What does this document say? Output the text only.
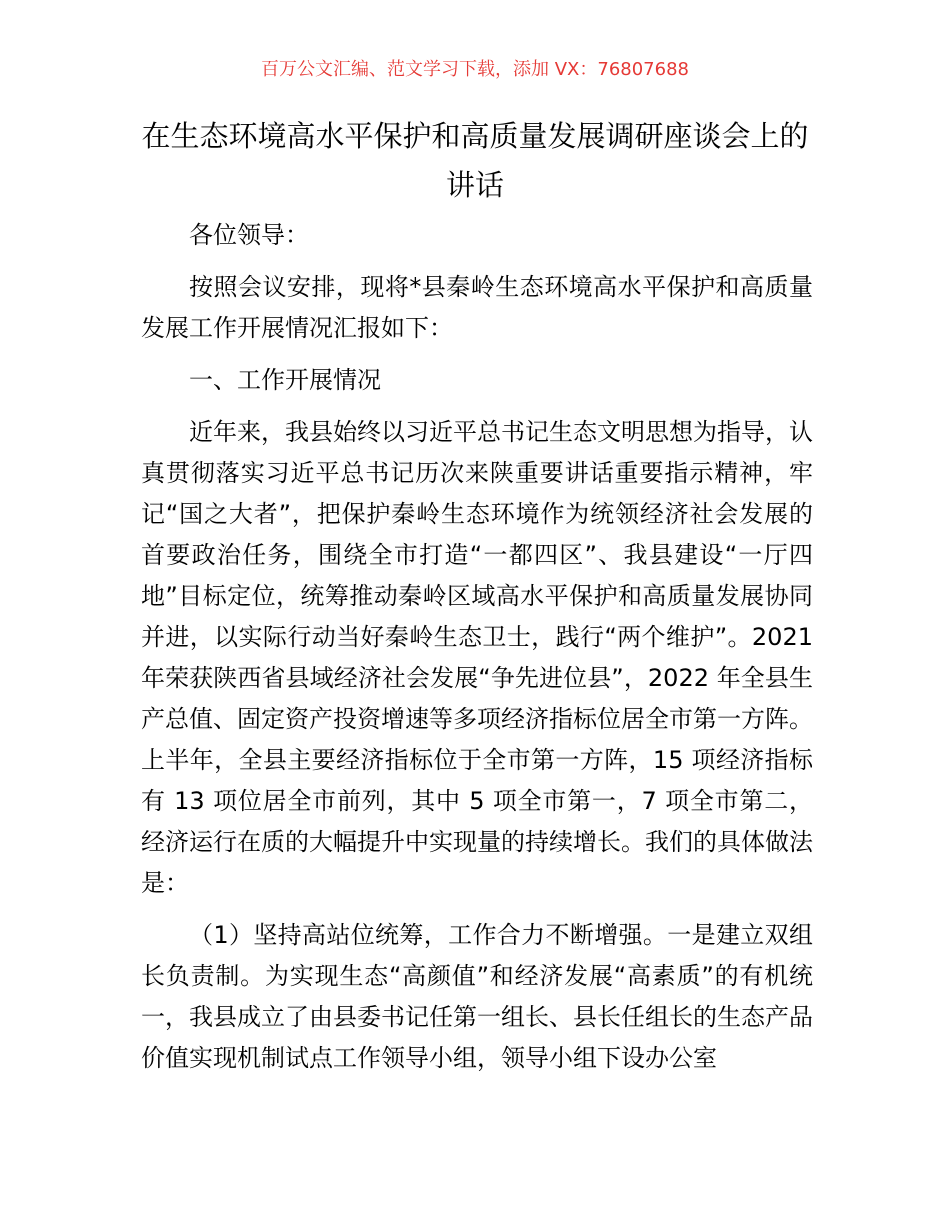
百万公文汇编、范文学习下载，添加 VX：76807688
在生态环境高水平保护和高质量发展调研座谈会上的讲话

各位领导：

按照会议安排，现将*县秦岭生态环境高水平保护和高质量发展工作开展情况汇报如下：

一、工作开展情况

近年来，我县始终以习近平总书记生态文明思想为指导，认真贯彻落实习近平总书记历次来陕重要讲话重要指示精神，牢记“国之大者”，把保护秦岭生态环境作为统领经济社会发展的首要政治任务，围绕全市打造“一都四区”、我县建设“一厅四地”目标定位，统筹推动秦岭区域高水平保护和高质量发展协同并进，以实际行动当好秦岭生态卫士，践行“两个维护”。2021 年荣获陕西省县域经济社会发展“争先进位县”，2022 年全县生产总值、固定资产投资增速等多项经济指标位居全市第一方阵。上半年，全县主要经济指标位于全市第一方阵，15 项经济指标有 13 项位居全市前列，其中 5 项全市第一，7 项全市第二，经济运行在质的大幅提升中实现量的持续增长。我们的具体做法是：

（1）坚持高站位统筹，工作合力不断增强。一是建立双组长负责制。为实现生态“高颜值”和经济发展“高素质”的有机统一，我县成立了由县委书记任第一组长、县长任组长的生态产品价值实现机制试点工作领导小组，领导小组下设办公室
